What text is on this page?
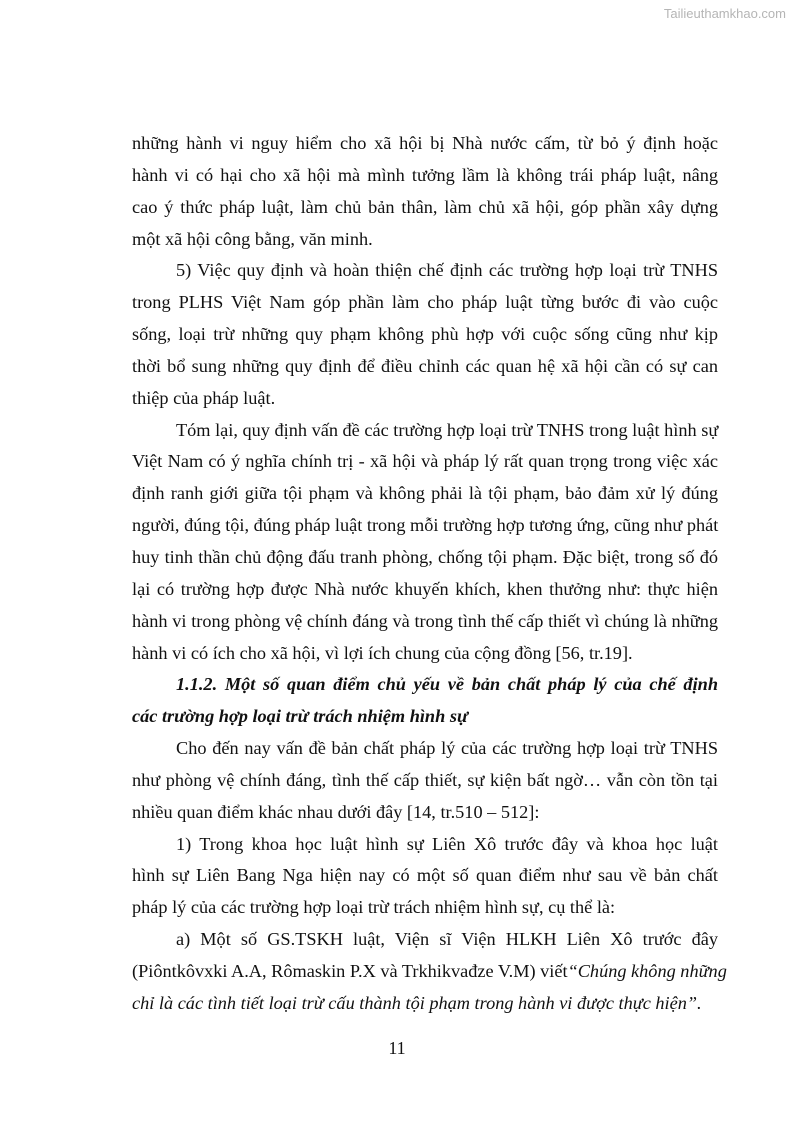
Tailieuthamkhao.com
những hành vi nguy hiểm cho xã hội bị Nhà nước cấm, từ bỏ ý định hoặc
hành vi có hại cho xã hội mà mình tưởng lầm là không trái pháp luật, nâng
cao ý thức pháp luật, làm chủ bản thân, làm chủ xã hội, góp phần xây dựng
một xã hội công bằng, văn minh.
5) Việc quy định và hoàn thiện chế định các trường hợp loại trừ TNHS
trong PLHS Việt Nam góp phần làm cho pháp luật từng bước đi vào cuộc
sống, loại trừ những quy phạm không phù hợp với cuộc sống cũng như kịp
thời bổ sung những quy định để điều chỉnh các quan hệ xã hội cần có sự can
thiệp của pháp luật.
Tóm lại, quy định vấn đề các trường hợp loại trừ TNHS trong luật hình sự
Việt Nam có ý nghĩa chính trị - xã hội và pháp lý rất quan trọng trong việc xác
định ranh giới giữa tội phạm và không phải là tội phạm, bảo đảm xử lý đúng
người, đúng tội, đúng pháp luật trong mỗi trường hợp tương ứng, cũng như phát
huy tinh thần chủ động đấu tranh phòng, chống tội phạm. Đặc biệt, trong số đó
lại có trường hợp được Nhà nước khuyến khích, khen thưởng như: thực hiện
hành vi trong phòng vệ chính đáng và trong tình thế cấp thiết vì chúng là những
hành vi có ích cho xã hội, vì lợi ích chung của cộng đồng [56, tr.19].
1.1.2. Một số quan điểm chủ yếu về bản chất pháp lý của chế định
các trường hợp loại trừ trách nhiệm hình sự
Cho đến nay vấn đề bản chất pháp lý của các trường hợp loại trừ TNHS
như phòng vệ chính đáng, tình thế cấp thiết, sự kiện bất ngờ… vẫn còn tồn tại
nhiều quan điểm khác nhau dưới đây [14, tr.510 – 512]:
1) Trong khoa học luật hình sự Liên Xô trước đây và khoa học luật
hình sự Liên Bang Nga hiện nay có một số quan điểm như sau về bản chất
pháp lý của các trường hợp loại trừ trách nhiệm hình sự, cụ thể là:
a) Một số GS.TSKH luật, Viện sĩ Viện HLKH Liên Xô trước đây
(Piôntkôvxki A.A, Rômaskin P.X và Trkhikvađze V.M) viết “Chúng không những
chỉ là các tình tiết loại trừ cấu thành tội phạm trong hành vi được thực hiện”.
11
